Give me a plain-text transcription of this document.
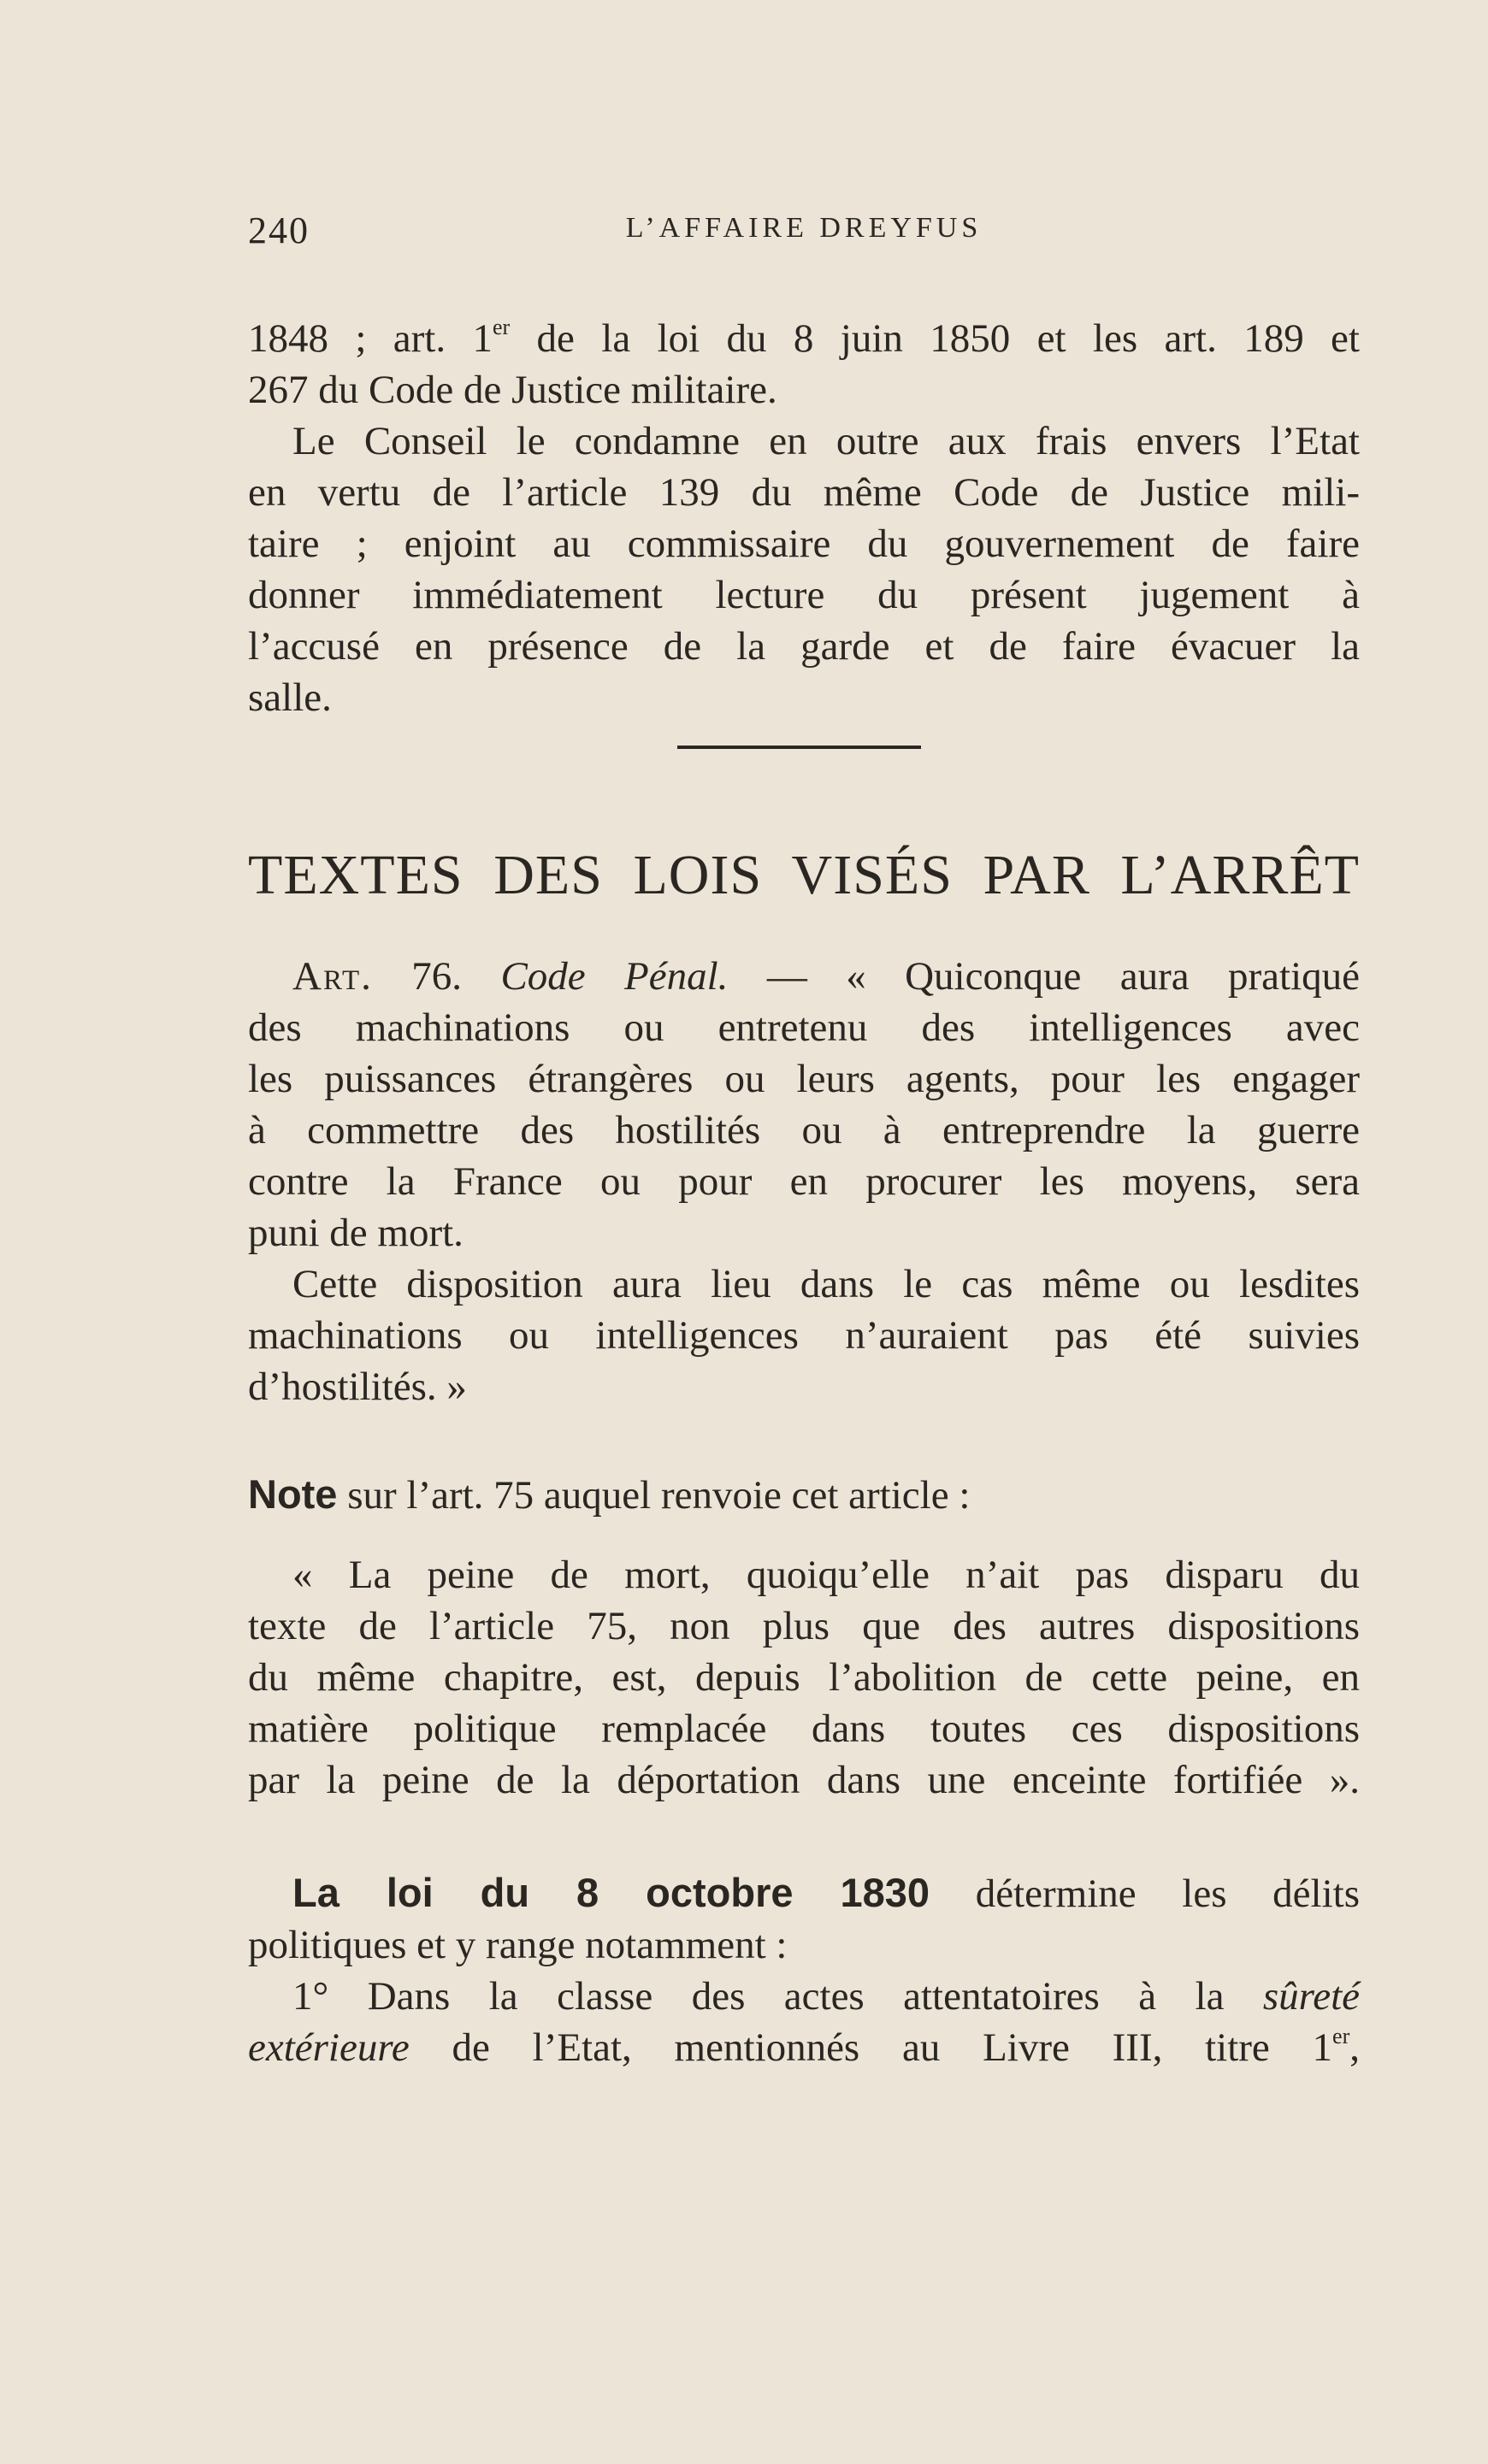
240	L’AFFAIRE DREYFUS
1848 ; art. 1er de la loi du 8 juin 1850 et les art. 189 et
267 du Code de Justice militaire.
Le Conseil le condamne en outre aux frais envers l’Etat
en vertu de l’article 139 du même Code de Justice mili-
taire ; enjoint au commissaire du gouvernement de faire
donner immédiatement lecture du présent jugement à
l’accusé en présence de la garde et de faire évacuer la
salle.
TEXTES DES LOIS VISÉS PAR L’ARRÊT
Art. 76. Code Pénal. — « Quiconque aura pratiqué
des machinations ou entretenu des intelligences avec
les puissances étrangères ou leurs agents, pour les engager
à commettre des hostilités ou à entreprendre la guerre
contre la France ou pour en procurer les moyens, sera
puni de mort.
Cette disposition aura lieu dans le cas même ou lesdites
machinations ou intelligences n’auraient pas été suivies
d’hostilités. »
Note sur l’art. 75 auquel renvoie cet article :
« La peine de mort, quoiqu’elle n’ait pas disparu du
texte de l’article 75, non plus que des autres dispositions
du même chapitre, est, depuis l’abolition de cette peine, en
matière politique remplacée dans toutes ces dispositions
par la peine de la déportation dans une enceinte fortifiée ».
La loi du 8 octobre 1830 détermine les délits
politiques et y range notamment :
1° Dans la classe des actes attentatoires à la sûreté
extérieure de l’Etat, mentionnés au Livre III, titre 1er,
